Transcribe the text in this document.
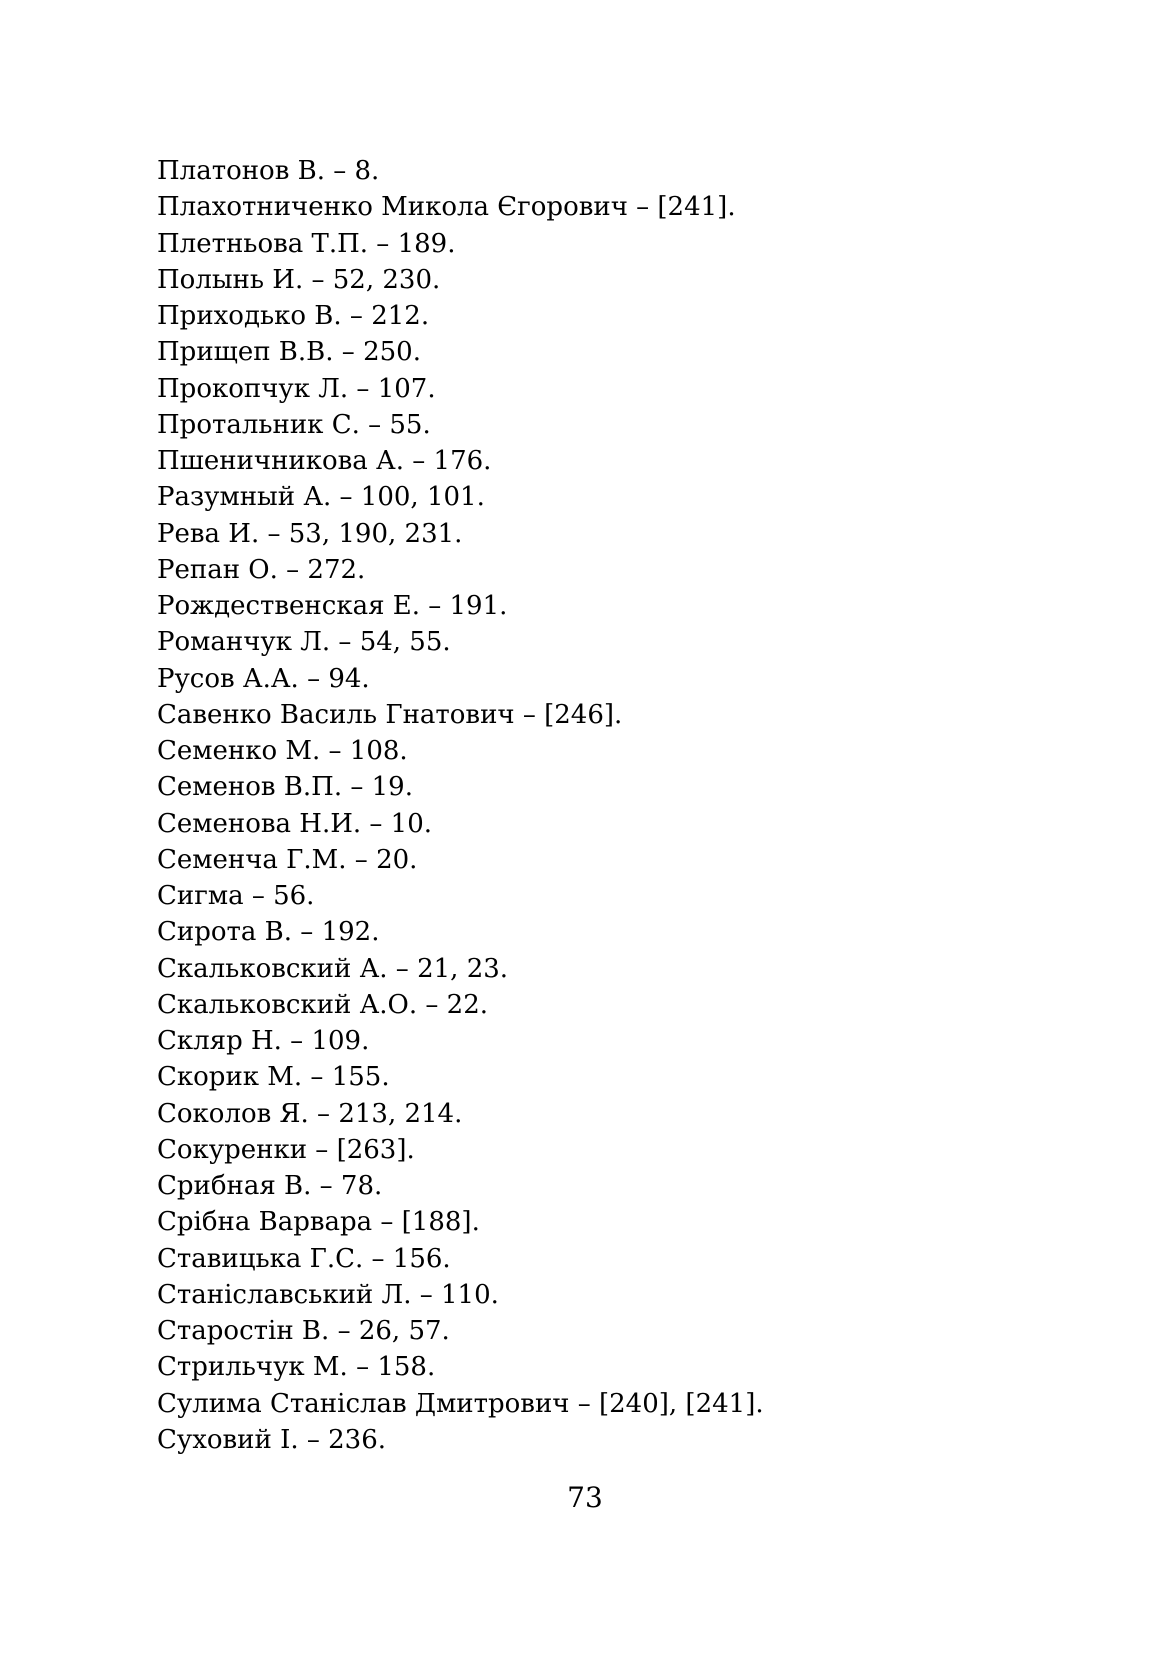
Платонов В. – 8.
Плахотниченко Микола Єгорович – [241].
Плетньова Т.П. – 189.
Полынь И. – 52, 230.
Приходько В. – 212.
Прищеп В.В. – 250.
Прокопчук Л. – 107.
Протальник С. – 55.
Пшеничникова А. – 176.
Разумный А. – 100, 101.
Рева И. – 53, 190, 231.
Репан О. – 272.
Рождественская Е. – 191.
Романчук Л. – 54, 55.
Русов А.А. – 94.
Савенко Василь Гнатович – [246].
Семенко М. – 108.
Семенов В.П. – 19.
Семенова Н.И. – 10.
Семенча Г.М. – 20.
Сигма – 56.
Сирота В. – 192.
Скальковский А. – 21, 23.
Скальковский А.О. – 22.
Скляр Н. – 109.
Скорик М. – 155.
Соколов Я. – 213, 214.
Сокуренки – [263].
Срибная В. – 78.
Срібна Варвара – [188].
Ставицька Г.С. – 156.
Станіславський Л. – 110.
Старостін В. – 26, 57.
Стрильчук М. – 158.
Сулима Станіслав Дмитрович – [240], [241].
Суховий І. – 236.
73
